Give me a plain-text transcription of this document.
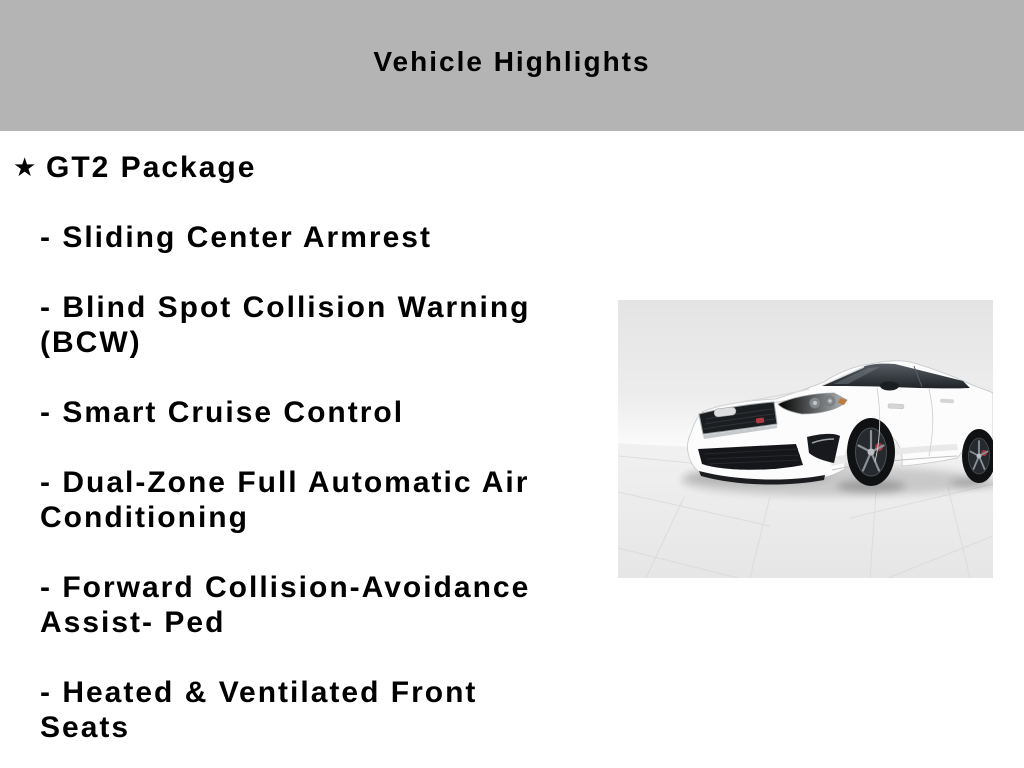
Vehicle Highlights
★ GT2 Package

- Sliding Center Armrest

- Blind Spot Collision Warning (BCW)

- Smart Cruise Control

- Dual-Zone Full Automatic Air Conditioning

- Forward Collision-Avoidance Assist- Ped

- Heated & Ventilated Front Seats
